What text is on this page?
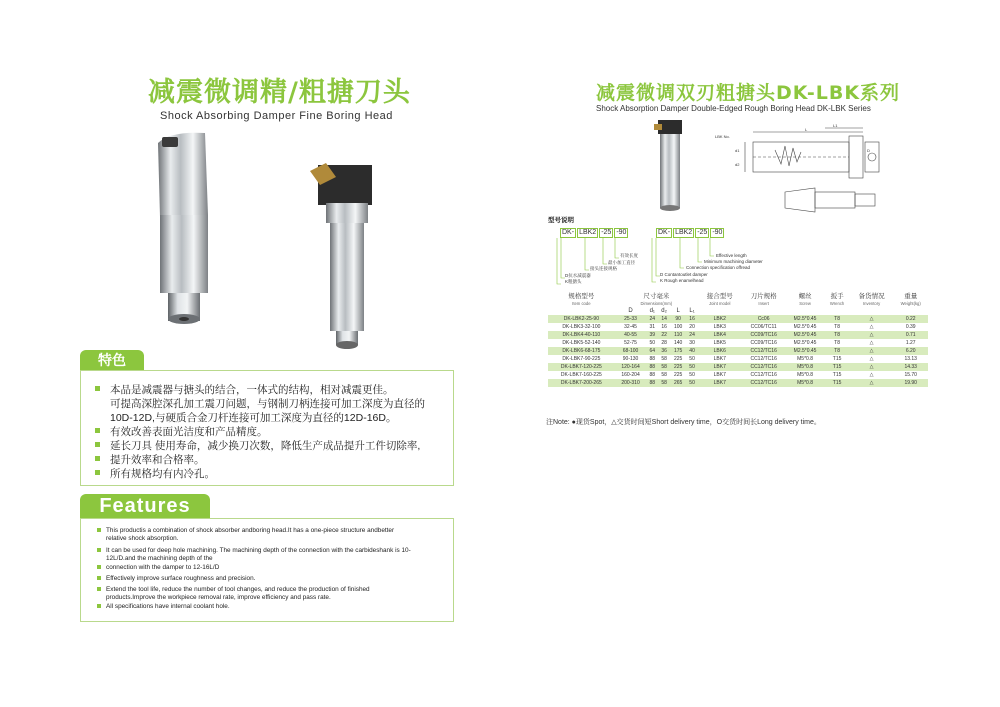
减震微调精/粗搪刀头
Shock Absorbing Damper Fine Boring Head
特色
本品是减震器与搪头的结合，一体式的结构，相对减震更佳。
可提高深腔深孔加工震刀问题，与钢制刀柄连接可加工深度为直径的
10D-12D,与硬质合金刀杆连接可加工深度为直径的12D-16D。
有效改善表面光洁度和产品精度。
延长刀具 使用寿命，减少换刀次数，降低生产成品提升工件切除率,
提升效率和合格率。
所有规格均有内冷孔。
Features
This productis a combination of shock absorber andboring head.It has a one-piece structure andbetter
relative shock absorption.
It can be used for deep hole machining. The machining depth of the connection with the carbideshank is 10-
12L/D.and the machining depth of the
connection with the damper to 12-16L/D
Effectively improve surface roughness and precision.
Extend the tool life, reduce the number of tool changes, and reduce the production of finished
products.Improve the workpiece removal rate, improve efficiency and pass rate.
All specifications have internal coolant hole.
减震微调双刃粗搪头DK-LBK系列
Shock Absorption Damper Double-Edged Rough Boring Head DK-LBK Series
LBK No.
L1
L
d1
d2
D
型号说明
DK- LBK2 -25 -90
有效长度
最小加工直径
接头连接规格
D抗水减震器
K粗搪头
DK- LBK2 -25 -90
Effective length
Minimum machining diameter
Connection specification offread
D Contantoutlet damper
K Rough enamelhead
规格型号
Item code	尺寸毫米
Dimensions(mm)					接合型号
Joint model	刀片规格
Insert	螺丝
Screw	扳手
Wrench	备货情况
Inventory	重量
Weight(kg)

	D	d₁	d₂	L	L₁						
DK-LBK2-25-90	25-33	24	14	90	16	LBK2	Cc06	M2.5*0.45	T8	△	0.22
DK-LBK3-32-100	32-45	31	16	100	20	LBK3	CC06/TC11	M2.5*0.45	T8	△	0.39
DK-LBK4-40-110	40-55	39	22	110	24	LBK4	CC09/TC16	M2.5*0.45	T8	△	0.71
DK-LBK5-52-140	52-75	50	28	140	30	LBK5	CC09/TC16	M2.5*0.45	T8	△	1.27
DK-LBK6-68-175	68-100	64	36	175	40	LBK6	CC12/TC16	M2.5*0.45	T8	△	6.20
DK-LBK7-90-225	90-130	88	58	225	50	LBK7	CC12/TC16	M5*0.8	T15	△	13.13
DK-LBK7-120-225	120-164	88	58	225	50	LBK7	CC12/TC16	M5*0.8	T15	△	14.33
DK-LBK7-160-225	160-204	88	58	225	50	LBK7	CC12/TC16	M5*0.8	T15	△	15.70
DK-LBK7-200-265	200-310	88	58	265	50	LBK7	CC12/TC16	M5*0.8	T15	△	19.90
注Note: ●现货Spot，△交货时间短Short delivery time，O交货时间长Long delivery time。
